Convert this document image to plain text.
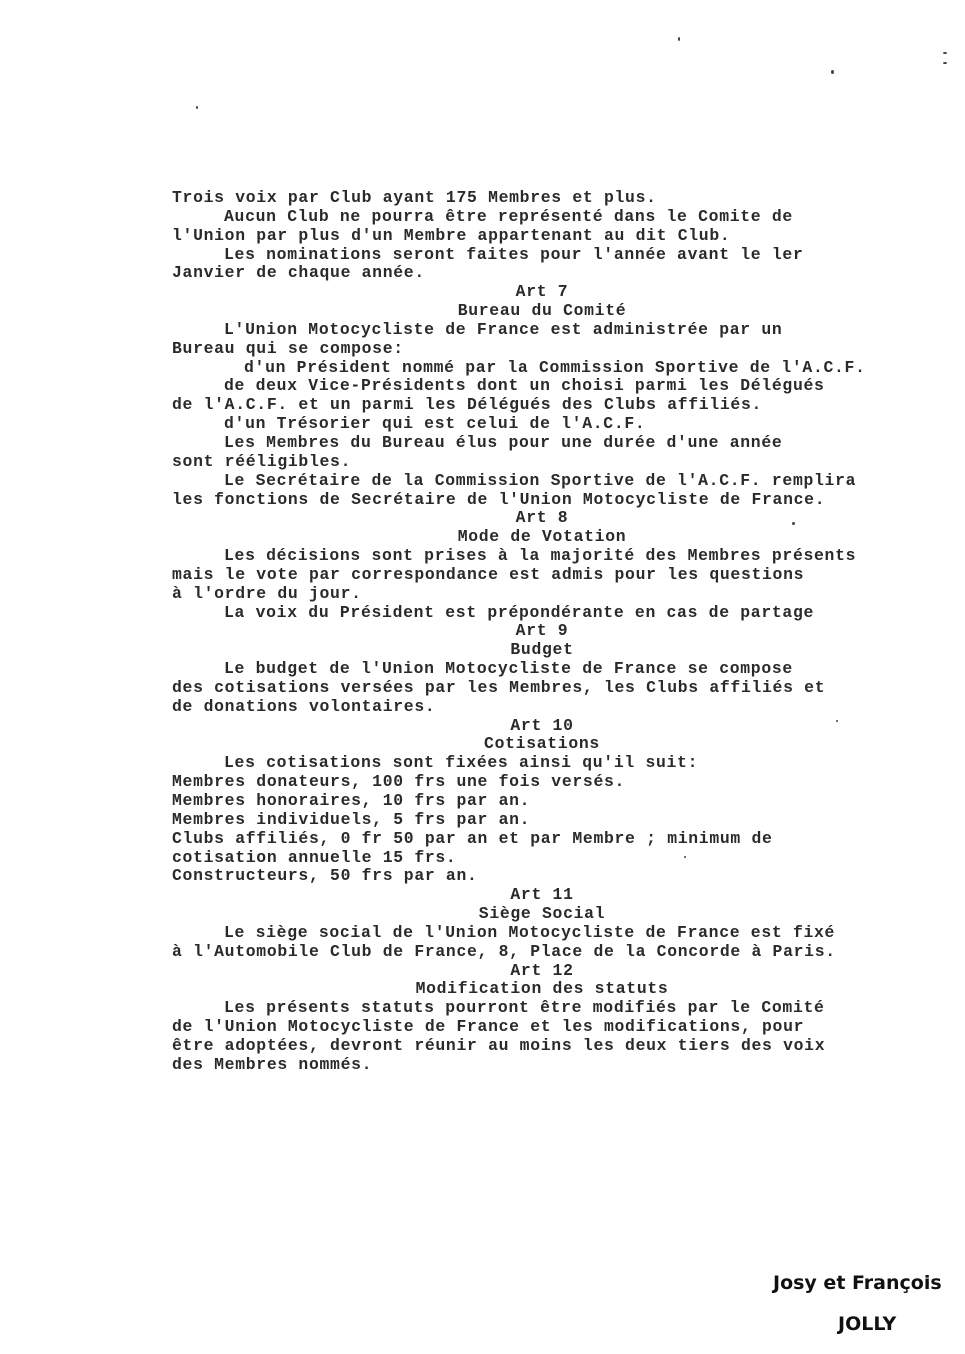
Trois voix par Club ayant 175 Membres et plus.
Aucun Club ne pourra être représenté dans le Comite de
l'Union par plus d'un Membre appartenant au dit Club.
Les nominations seront faites pour l'année avant le ler
Janvier de chaque année.
Art 7
Bureau du Comité
L'Union Motocycliste de France est administrée par un
Bureau qui se compose:
d'un Président nommé par la Commission Sportive de l'A.C.F.
de deux Vice-Présidents dont un choisi parmi les Délégués
de l'A.C.F. et un parmi les Délégués des Clubs affiliés.
d'un Trésorier qui est celui de l'A.C.F.
Les Membres du Bureau élus pour une durée d'une année
sont rééligibles.
Le Secrétaire de la Commission Sportive de l'A.C.F. remplira
les fonctions de Secrétaire de l'Union Motocycliste de France.
Art 8
Mode de Votation
Les décisions sont prises à la majorité des Membres présents
mais le vote par correspondance est admis pour les questions
à l'ordre du jour.
La voix du Président est prépondérante en cas de partage
Art 9
Budget
Le budget de l'Union Motocycliste de France se compose
des cotisations versées par les Membres, les Clubs affiliés et
de donations volontaires.
Art 10
Cotisations
Les cotisations sont fixées ainsi qu'il suit:
Membres donateurs, 100 frs une fois versés.
Membres honoraires, 10 frs par an.
Membres individuels, 5 frs par an.
Clubs affiliés, 0 fr 50 par an et par Membre ; minimum de
cotisation annuelle 15 frs.
Constructeurs, 50 frs par an.
Art 11
Siège Social
Le siège social de l'Union Motocycliste de France est fixé
à l'Automobile Club de France, 8, Place de la Concorde à Paris.
Art 12
Modification des statuts
Les présents statuts pourront être modifiés par le Comité
de l'Union Motocycliste de France et les modifications, pour
être adoptées, devront réunir au moins les deux tiers des voix
des Membres nommés.
Josy et François
JOLLY
